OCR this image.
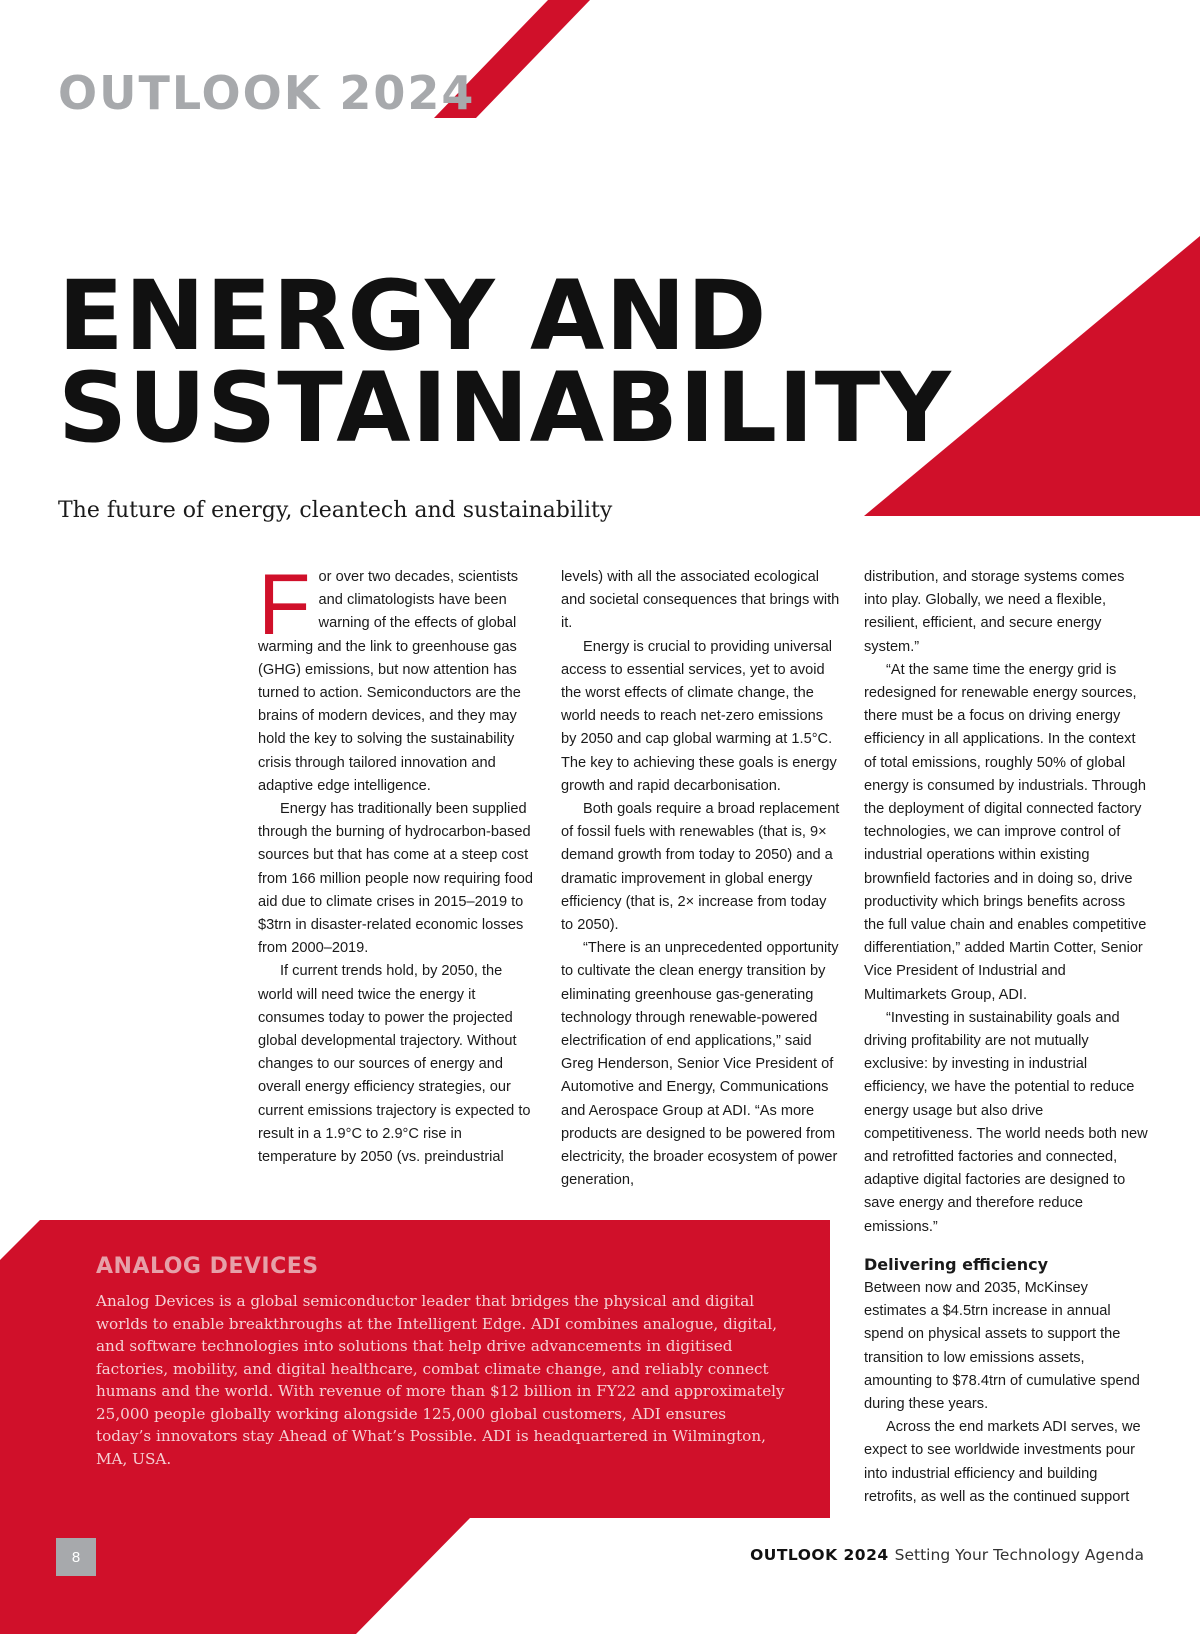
OUTLOOK 2024
ENERGY AND
SUSTAINABILITY
The future of energy, cleantech and sustainability
F or over two decades, scientists and climatologists have been warning of the effects of global warming and the link to greenhouse gas (GHG) emissions, but now attention has turned to action. Semiconductors are the brains of modern devices, and they may hold the key to solving the sustainability crisis through tailored innovation and adaptive edge intelligence.

Energy has traditionally been supplied through the burning of hydrocarbon-based sources but that has come at a steep cost from 166 million people now requiring food aid due to climate crises in 2015–2019 to $3trn in disaster-related economic losses from 2000–2019.

If current trends hold, by 2050, the world will need twice the energy it consumes today to power the projected global developmental trajectory. Without changes to our sources of energy and overall energy efficiency strategies, our current emissions trajectory is expected to result in a 1.9°C to 2.9°C rise in temperature by 2050 (vs. preindustrial

levels) with all the associated ecological and societal consequences that brings with it.

Energy is crucial to providing universal access to essential services, yet to avoid the worst effects of climate change, the world needs to reach net-zero emissions by 2050 and cap global warming at 1.5°C. The key to achieving these goals is energy growth and rapid decarbonisation.

Both goals require a broad replacement of fossil fuels with renewables (that is, 9× demand growth from today to 2050) and a dramatic improvement in global energy efficiency (that is, 2× increase from today to 2050).

“There is an unprecedented opportunity to cultivate the clean energy transition by eliminating greenhouse gas-generating technology through renewable-powered electrification of end applications,” said Greg Henderson, Senior Vice President of Automotive and Energy, Communications and Aerospace Group at ADI. “As more products are designed to be powered from electricity, the broader ecosystem of power generation,

distribution, and storage systems comes into play. Globally, we need a flexible, resilient, efficient, and secure energy system.”

“At the same time the energy grid is redesigned for renewable energy sources, there must be a focus on driving energy efficiency in all applications. In the context of total emissions, roughly 50% of global energy is consumed by industrials. Through the deployment of digital connected factory technologies, we can improve control of industrial operations within existing brownfield factories and in doing so, drive productivity which brings benefits across the full value chain and enables competitive differentiation,” added Martin Cotter, Senior Vice President of Industrial and Multimarkets Group, ADI.

“Investing in sustainability goals and driving profitability are not mutually exclusive: by investing in industrial efficiency, we have the potential to reduce energy usage but also drive competitiveness. The world needs both new and retrofitted factories and connected, adaptive digital factories are designed to save energy and therefore reduce emissions.”

Delivering efficiency

Between now and 2035, McKinsey estimates a $4.5trn increase in annual spend on physical assets to support the transition to low emissions assets, amounting to $78.4trn of cumulative spend during these years.

Across the end markets ADI serves, we expect to see worldwide investments pour into industrial efficiency and building retrofits, as well as the continued support

ANALOG DEVICES
Analog Devices is a global semiconductor leader that bridges the physical and digital worlds to enable breakthroughs at the Intelligent Edge. ADI combines analogue, digital, and software technologies into solutions that help drive advancements in digitised factories, mobility, and digital healthcare, combat climate change, and reliably connect humans and the world. With revenue of more than $12 billion in FY22 and approximately 25,000 people globally working alongside 125,000 global customers, ADI ensures today’s innovators stay Ahead of What’s Possible. ADI is headquartered in Wilmington, MA, USA.
8	OUTLOOK 2024 Setting Your Technology Agenda
